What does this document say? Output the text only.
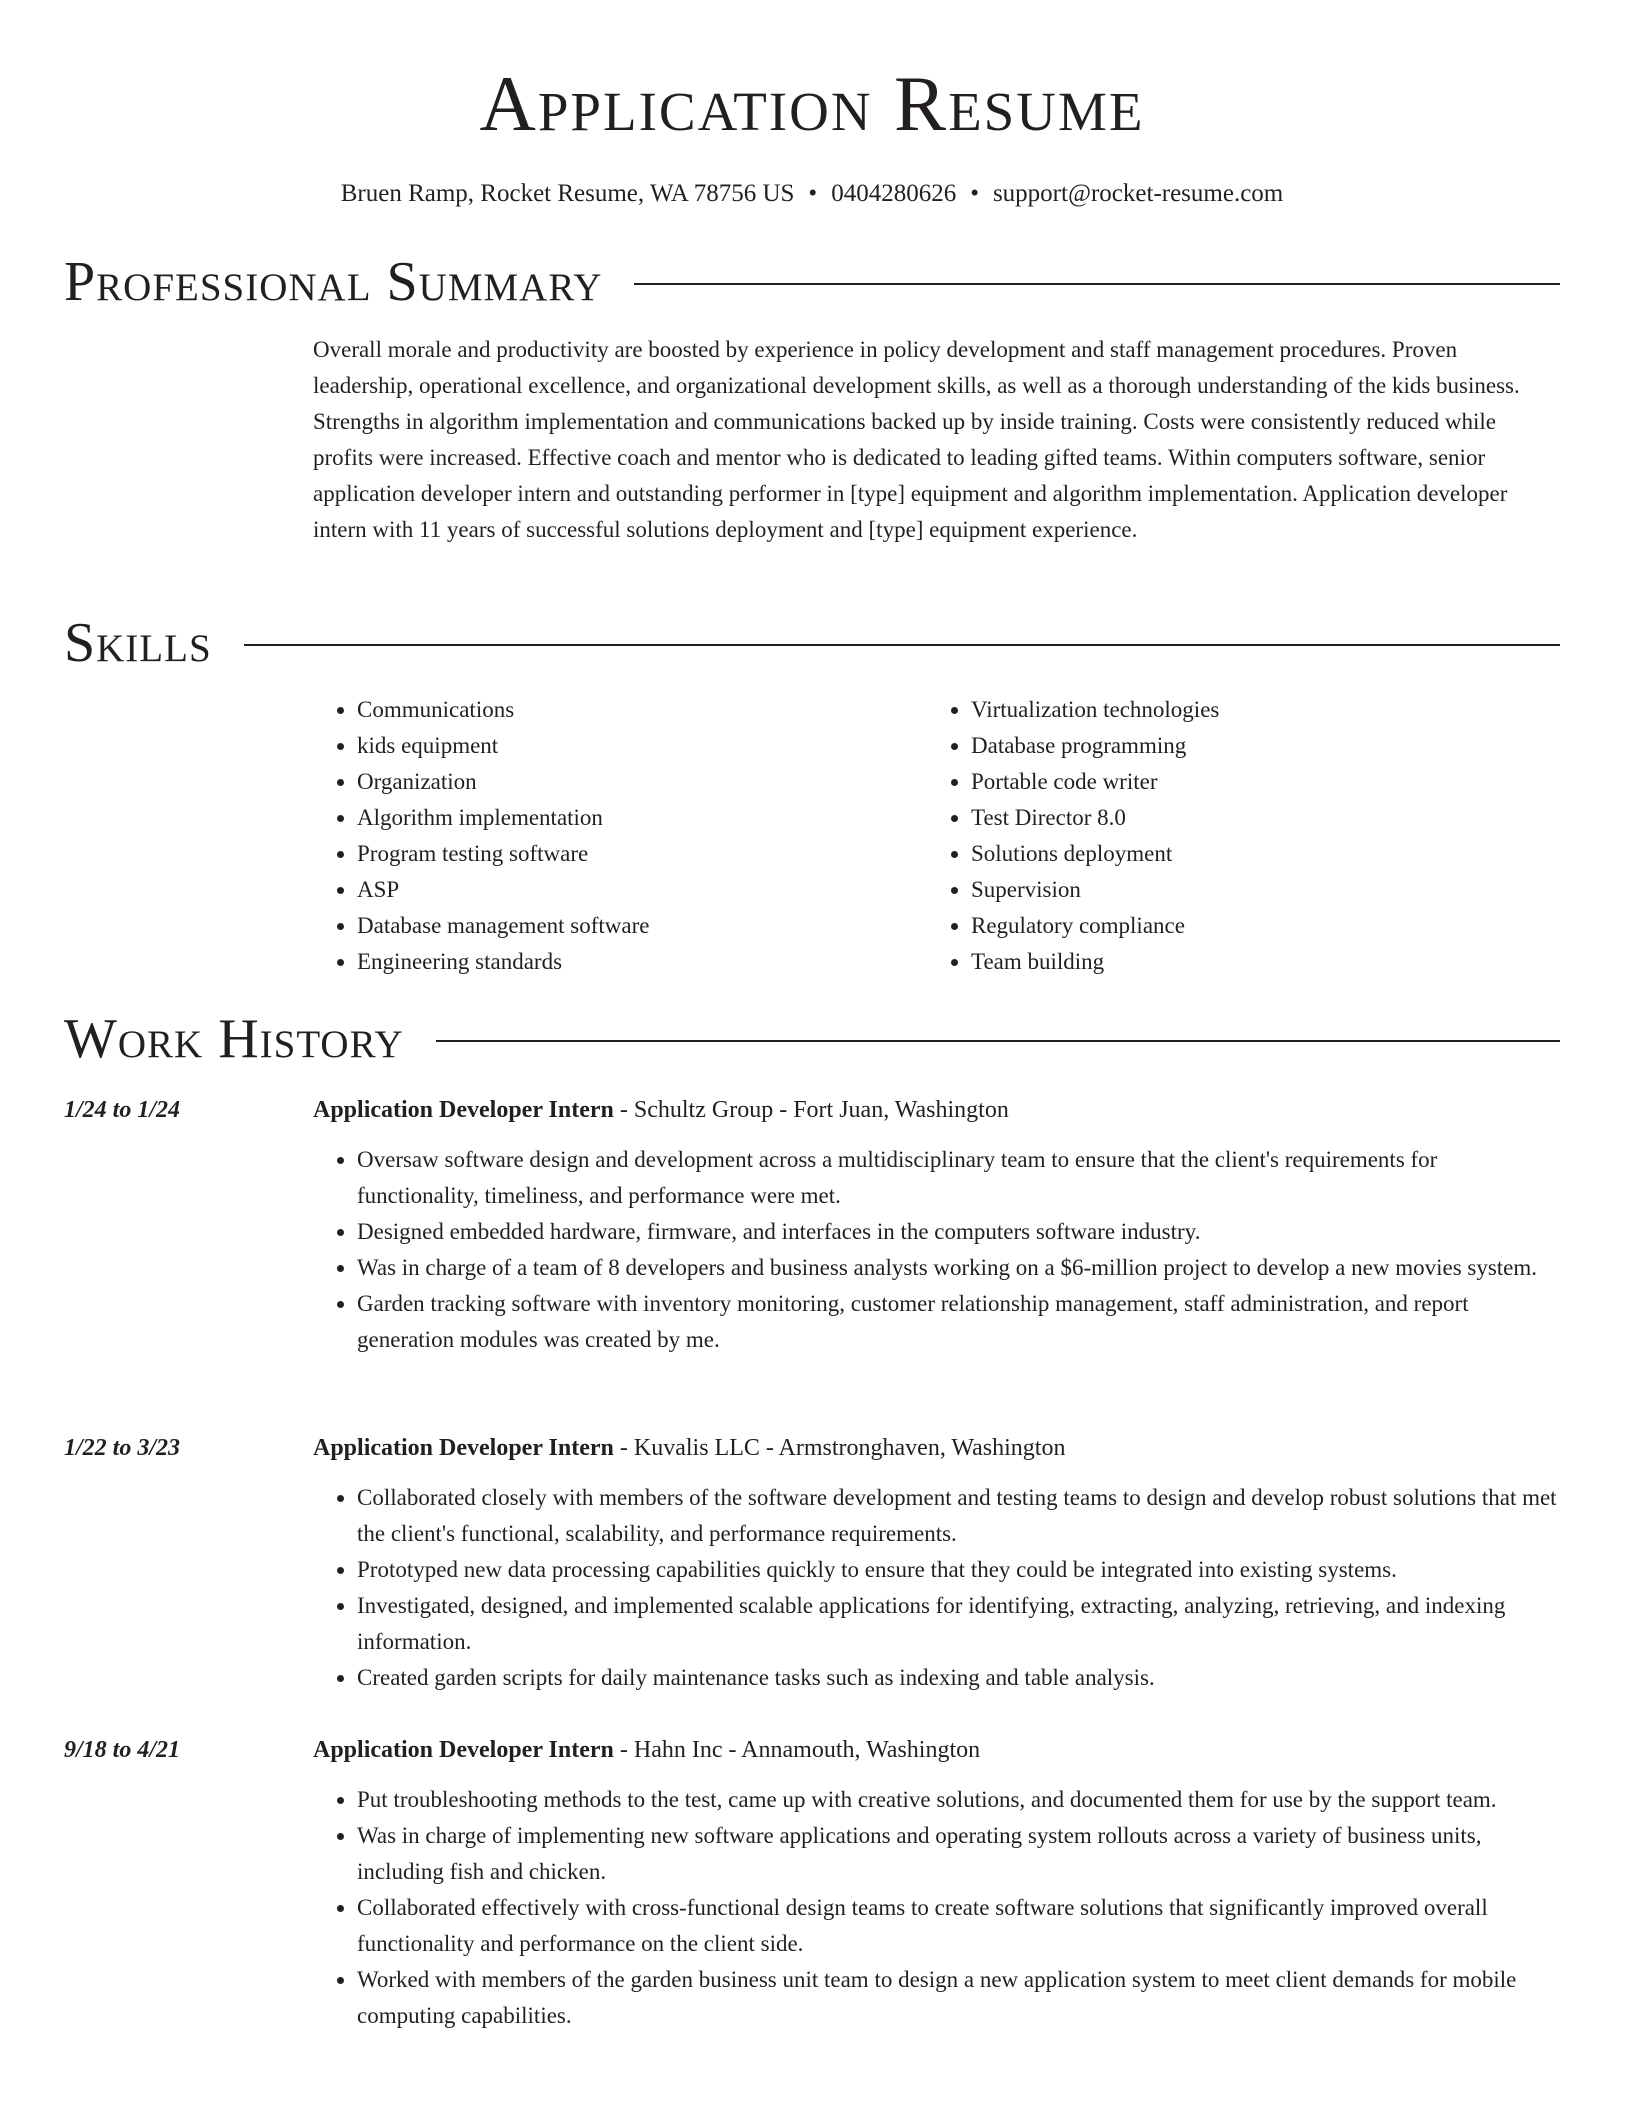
Application Resume
Bruen Ramp, Rocket Resume, WA 78756 US • 0404280626 • support@rocket-resume.com
Professional Summary

Overall morale and productivity are boosted by experience in policy development and staff management procedures. Proven leadership, operational excellence, and organizational development skills, as well as a thorough understanding of the kids business. Strengths in algorithm implementation and communications backed up by inside training. Costs were consistently reduced while profits were increased. Effective coach and mentor who is dedicated to leading gifted teams. Within computers software, senior application developer intern and outstanding performer in [type] equipment and algorithm implementation. Application developer intern with 11 years of successful solutions deployment and [type] equipment experience.

Skills
• Communications
• kids equipment
• Organization
• Algorithm implementation
• Program testing software
• ASP
• Database management software
• Engineering standards
• Virtualization technologies
• Database programming
• Portable code writer
• Test Director 8.0
• Solutions deployment
• Supervision
• Regulatory compliance
• Team building
Work History
1/24 to 1/24	Application Developer Intern - Schultz Group - Fort Juan, Washington
• Oversaw software design and development across a multidisciplinary team to ensure that the client's requirements for functionality, timeliness, and performance were met.
• Designed embedded hardware, firmware, and interfaces in the computers software industry.
• Was in charge of a team of 8 developers and business analysts working on a $6-million project to develop a new movies system.
• Garden tracking software with inventory monitoring, customer relationship management, staff administration, and report generation modules was created by me.
1/22 to 3/23	Application Developer Intern - Kuvalis LLC - Armstronghaven, Washington
• Collaborated closely with members of the software development and testing teams to design and develop robust solutions that met the client's functional, scalability, and performance requirements.
• Prototyped new data processing capabilities quickly to ensure that they could be integrated into existing systems.
• Investigated, designed, and implemented scalable applications for identifying, extracting, analyzing, retrieving, and indexing information.
• Created garden scripts for daily maintenance tasks such as indexing and table analysis.
9/18 to 4/21	Application Developer Intern - Hahn Inc - Annamouth, Washington
• Put troubleshooting methods to the test, came up with creative solutions, and documented them for use by the support team.
• Was in charge of implementing new software applications and operating system rollouts across a variety of business units, including fish and chicken.
• Collaborated effectively with cross-functional design teams to create software solutions that significantly improved overall functionality and performance on the client side.
• Worked with members of the garden business unit team to design a new application system to meet client demands for mobile computing capabilities.
